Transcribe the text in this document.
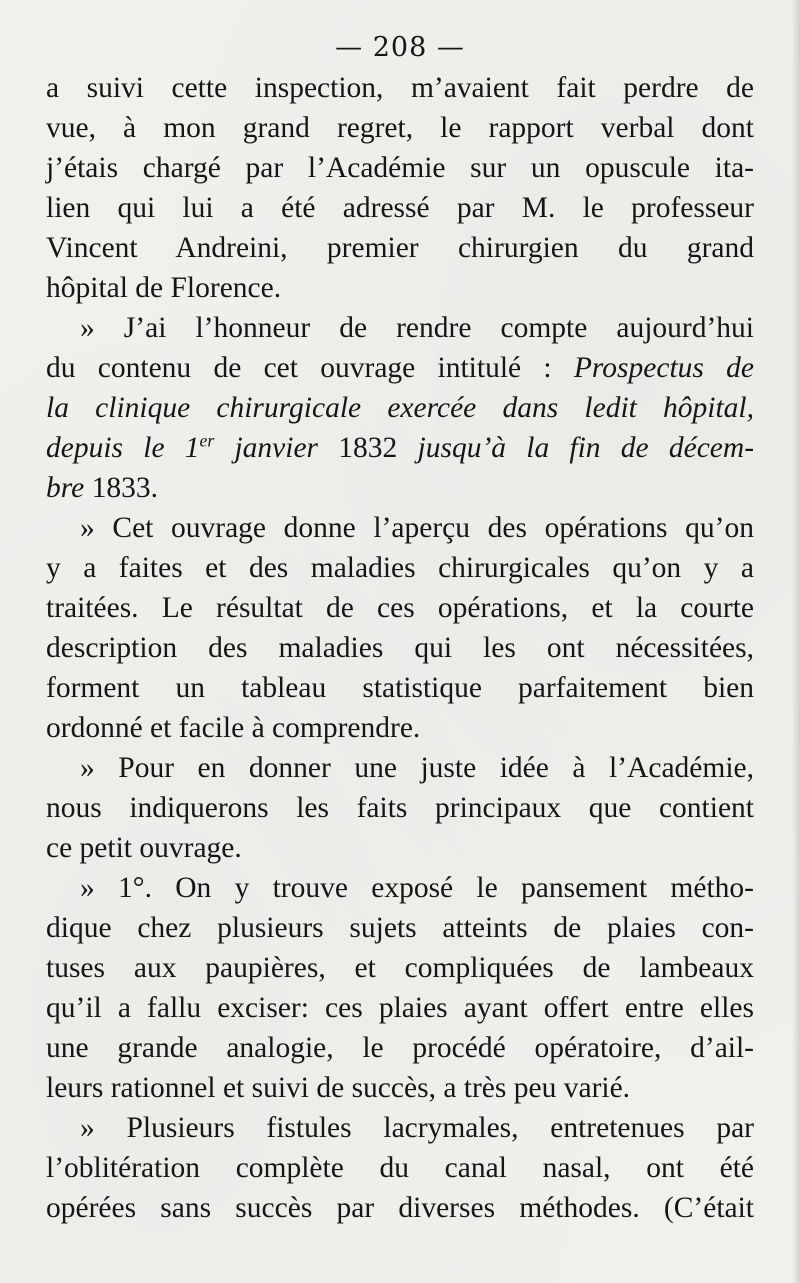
— 208 —
a suivi cette inspection, m’avaient fait perdre de
vue, à mon grand regret, le rapport verbal dont
j’étais chargé par l’Académie sur un opuscule ita-
lien qui lui a été adressé par M. le professeur
Vincent Andreini, premier chirurgien du grand
hôpital de Florence.
» J’ai l’honneur de rendre compte aujourd’hui
du contenu de cet ouvrage intitulé : Prospectus de
la clinique chirurgicale exercée dans ledit hôpital,
depuis le 1er janvier 1832 jusqu’à la fin de décem-
bre 1833.
» Cet ouvrage donne l’aperçu des opérations qu’on
y a faites et des maladies chirurgicales qu’on y a
traitées. Le résultat de ces opérations, et la courte
description des maladies qui les ont nécessitées,
forment un tableau statistique parfaitement bien
ordonné et facile à comprendre.
» Pour en donner une juste idée à l’Académie,
nous indiquerons les faits principaux que contient
ce petit ouvrage.
» 1°. On y trouve exposé le pansement métho-
dique chez plusieurs sujets atteints de plaies con-
tuses aux paupières, et compliquées de lambeaux
qu’il a fallu exciser: ces plaies ayant offert entre elles
une grande analogie, le procédé opératoire, d’ail-
leurs rationnel et suivi de succès, a très peu varié.
» Plusieurs fistules lacrymales, entretenues par
l’oblitération complète du canal nasal, ont été
opérées sans succès par diverses méthodes. (C’était
